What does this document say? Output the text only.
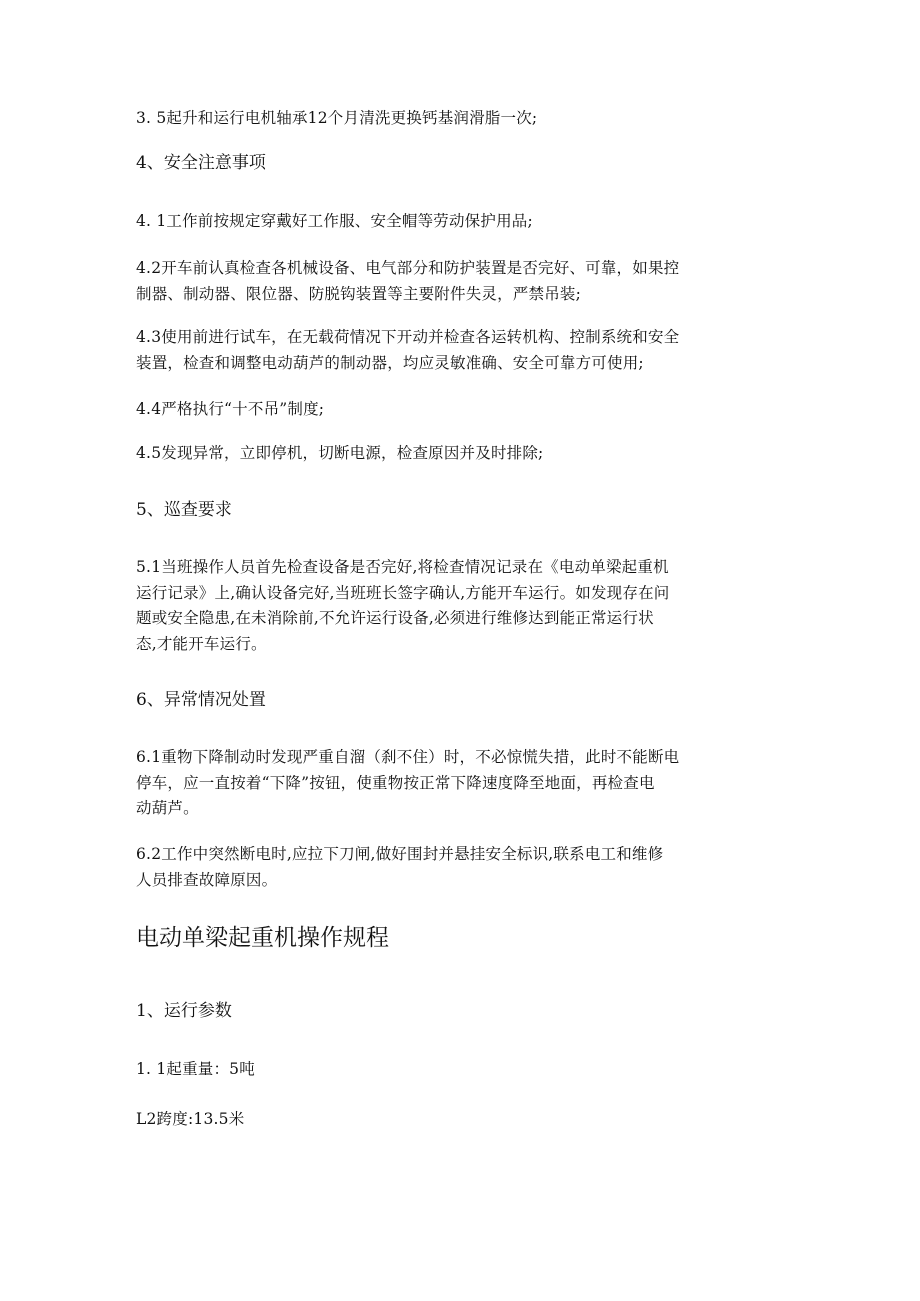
3. 5起升和运行电机轴承12个月清洗更换钙基润滑脂一次;
4、安全注意事项
4. 1工作前按规定穿戴好工作服、安全帽等劳动保护用品;
4.2开车前认真检查各机械设备、电气部分和防护装置是否完好、可靠，如果控
制器、制动器、限位器、防脱钩装置等主要附件失灵，严禁吊装;
4.3使用前进行试车，在无载荷情况下开动并检查各运转机构、控制系统和安全
装置，检查和调整电动葫芦的制动器，均应灵敏准确、安全可靠方可使用;
4.4严格执行“十不吊”制度;
4.5发现异常，立即停机，切断电源，检查原因并及时排除;
5、巡查要求
5.1当班操作人员首先检查设备是否完好,将检查情况记录在《电动单梁起重机
运行记录》上,确认设备完好,当班班长签字确认,方能开车运行。如发现存在问
题或安全隐患,在未消除前,不允许运行设备,必须进行维修达到能正常运行状
态,才能开车运行。
6、异常情况处置
6.1重物下降制动时发现严重自溜（刹不住）时，不必惊慌失措，此时不能断电
停车，应一直按着“下降”按钮，使重物按正常下降速度降至地面，再检查电
动葫芦。
6.2工作中突然断电时,应拉下刀闸,做好围封并悬挂安全标识,联系电工和维修
人员排查故障原因。
电动单梁起重机操作规程
1、运行参数
1. 1起重量：5吨
L2跨度:13.5米
